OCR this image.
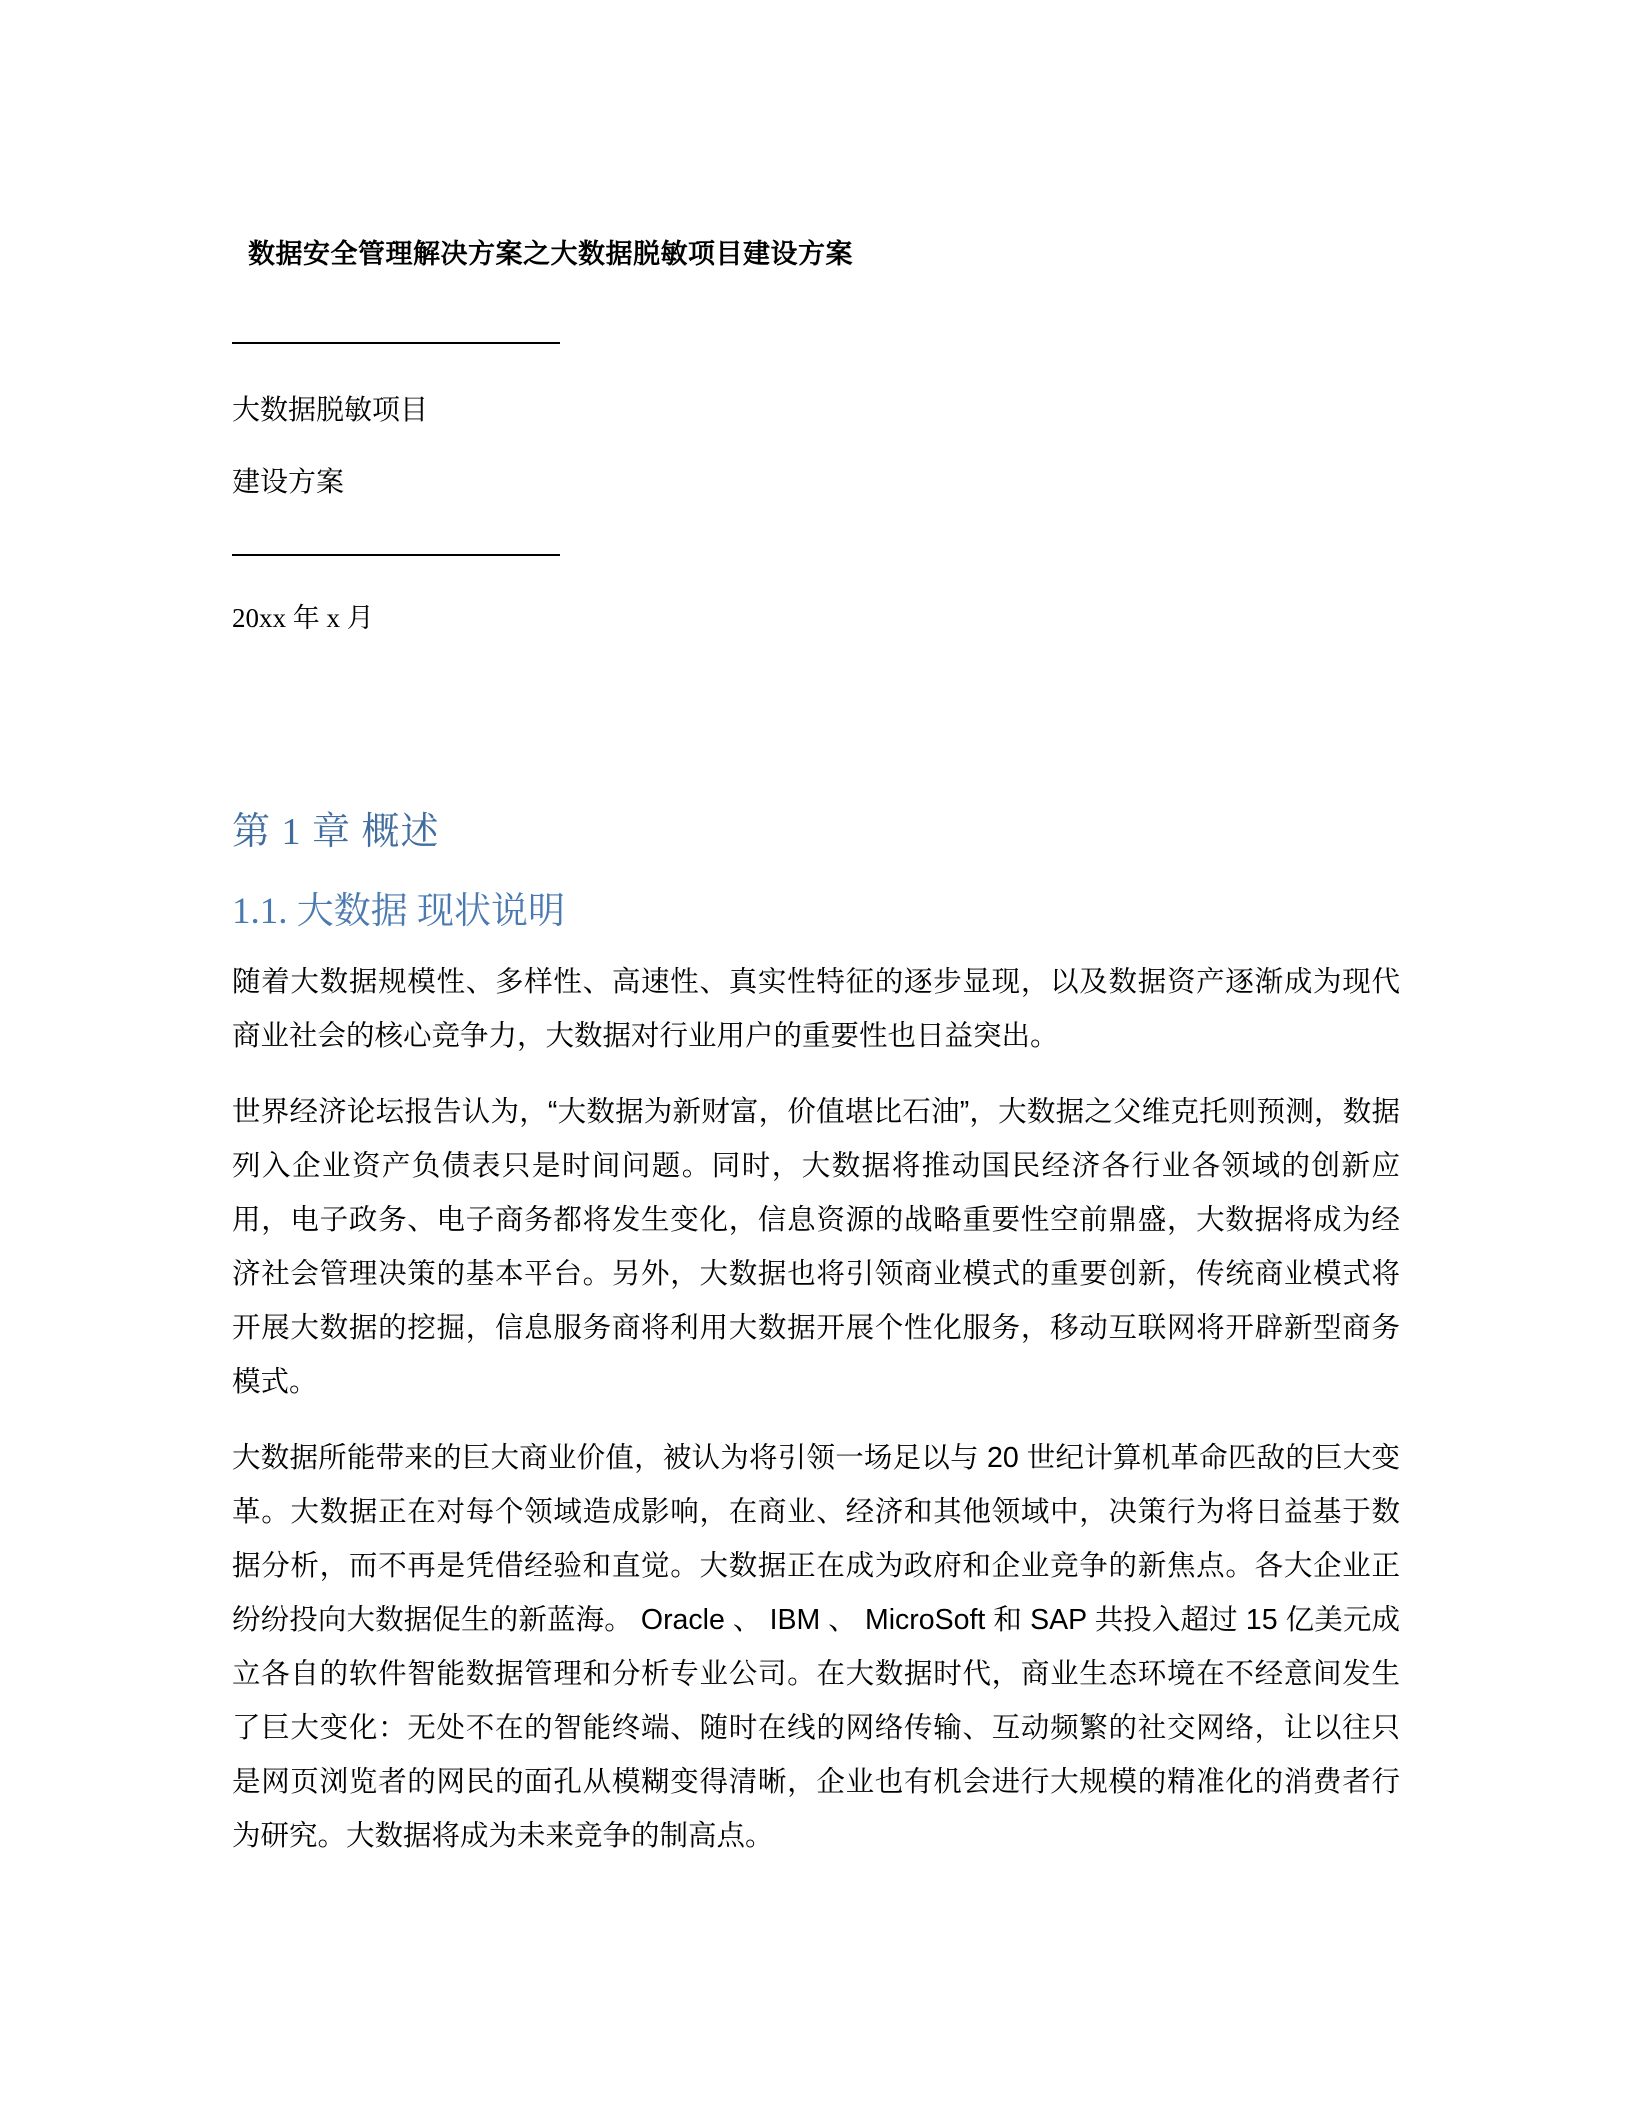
数据安全管理解决方案之大数据脱敏项目建设方案
大数据脱敏项目
建设方案
20xx 年 x 月
第 1 章 概述
1.1. 大数据 现状说明

随着大数据规模性、多样性、高速性、真实性特征的逐步显现，以及数据资产逐渐成为现代商业社会的核心竞争力，大数据对行业用户的重要性也日益突出。

世界经济论坛报告认为，“大数据为新财富，价值堪比石油”，大数据之父维克托则预测，数据列入企业资产负债表只是时间问题。同时，大数据将推动国民经济各行业各领域的创新应用，电子政务、电子商务都将发生变化，信息资源的战略重要性空前鼎盛，大数据将成为经济社会管理决策的基本平台。另外，大数据也将引领商业模式的重要创新，传统商业模式将开展大数据的挖掘，信息服务商将利用大数据开展个性化服务，移动互联网将开辟新型商务模式。

大数据所能带来的巨大商业价值，被认为将引领一场足以与 20 世纪计算机革命匹敌的巨大变革。大数据正在对每个领域造成影响，在商业、经济和其他领域中，决策行为将日益基于数据分析，而不再是凭借经验和直觉。大数据正在成为政府和企业竞争的新焦点。各大企业正纷纷投向大数据促生的新蓝海。 Oracle 、 IBM 、 MicroSoft 和 SAP 共投入超过 15 亿美元成立各自的软件智能数据管理和分析专业公司。在大数据时代，商业生态环境在不经意间发生了巨大变化：无处不在的智能终端、随时在线的网络传输、互动频繁的社交网络，让以往只是网页浏览者的网民的面孔从模糊变得清晰，企业也有机会进行大规模的精准化的消费者行为研究。大数据将成为未来竞争的制高点。
